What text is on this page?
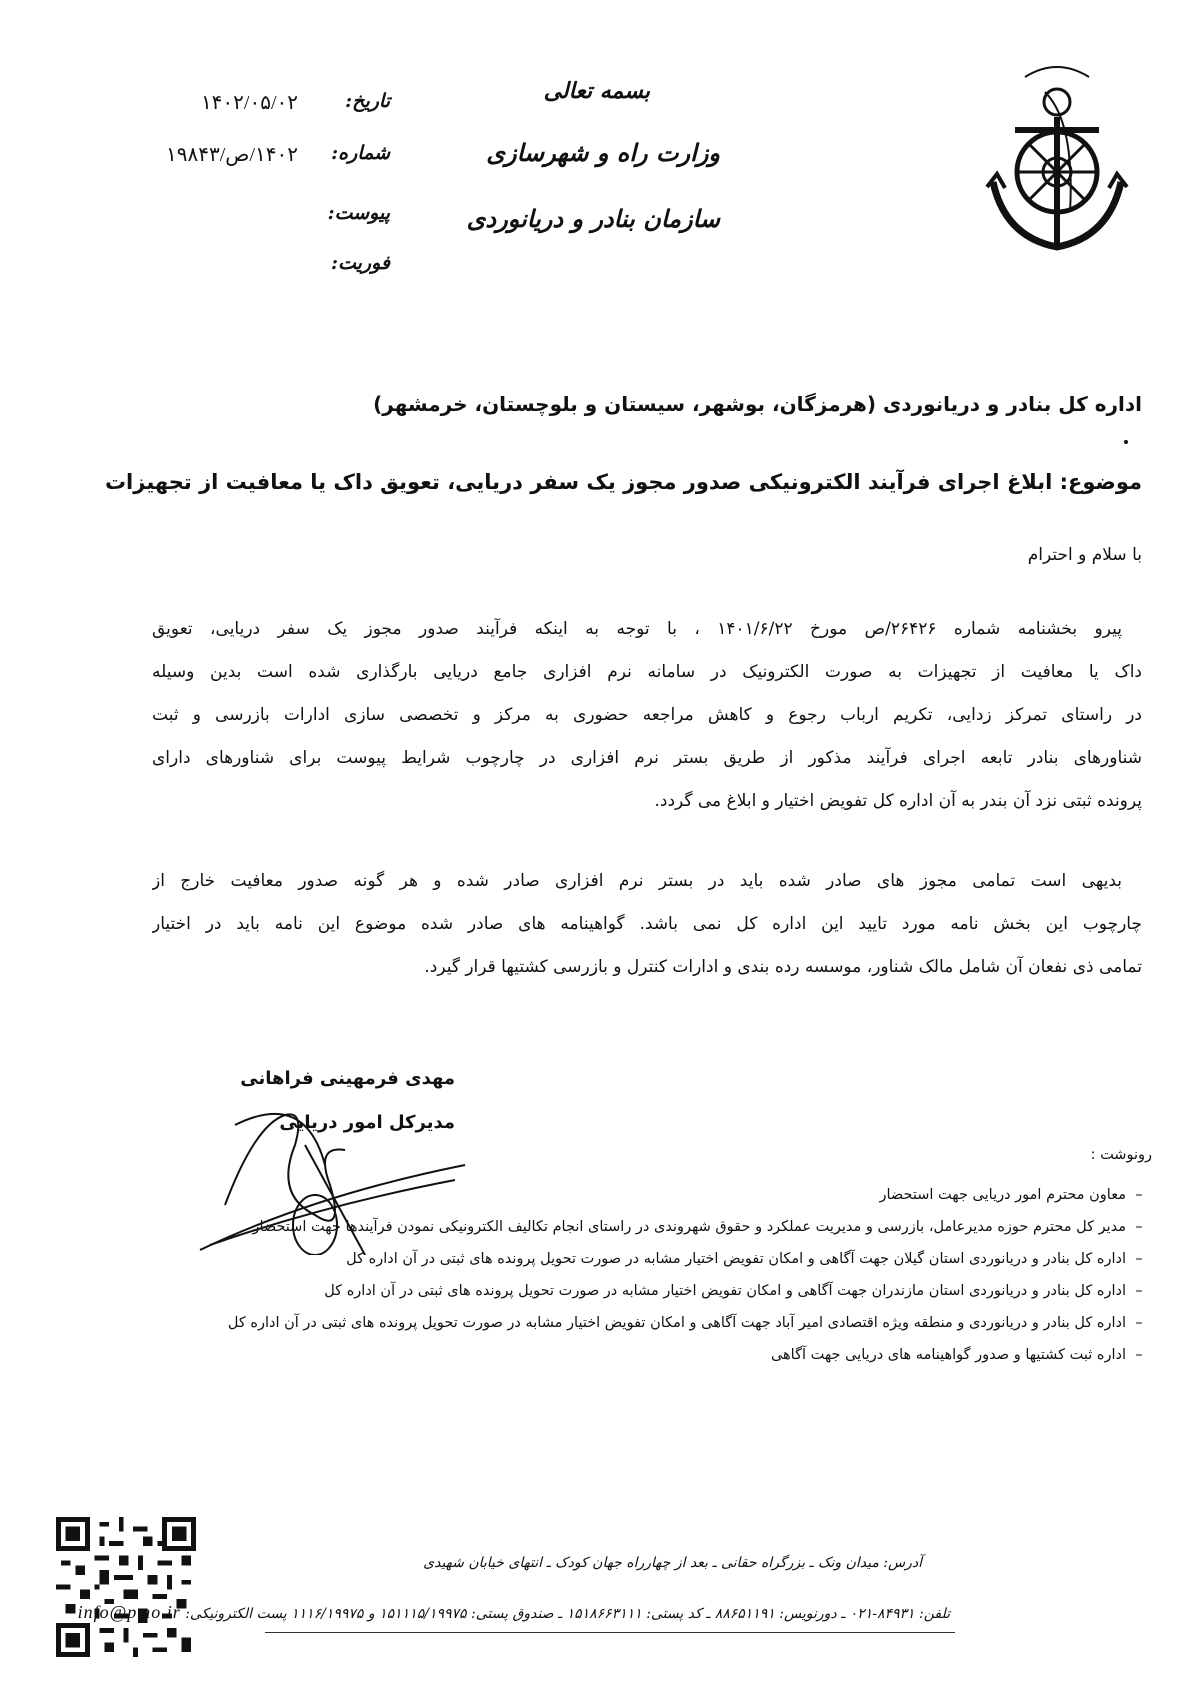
بسمه تعالی
وزارت راه و شهرسازی
سازمان بنادر و دریانوردی
تاریخ:
۱۴۰۲/۰۵/۰۲
شماره:
۱۴۰۲/ص/۱۹۸۴۳
پیوست:
فوریت:
اداره کل بنادر و دریانوردی (هرمزگان، بوشهر، سیستان و بلوچستان، خرمشهر)
موضوع: ابلاغ اجرای فرآیند الکترونیکی صدور مجوز یک سفر دریایی، تعویق داک یا معافیت از تجهیزات
با سلام و احترام
پیرو بخشنامه شماره ۲۶۴۲۶/ص مورخ ۱۴۰۱/۶/۲۲ ، با توجه به اینکه فرآیند صدور مجوز یک سفر دریایی، تعویق
داک یا معافیت از تجهیزات به صورت الکترونیک در سامانه نرم افزاری جامع دریایی بارگذاری شده است بدین وسیله
در راستای تمرکز زدایی، تکریم ارباب رجوع و کاهش مراجعه حضوری به مرکز و تخصصی سازی ادارات بازرسی و ثبت
شناورهای بنادر تابعه اجرای فرآیند مذکور از طریق بستر نرم افزاری در چارچوب شرایط پیوست برای شناورهای دارای
پرونده ثبتی نزد آن بندر به آن اداره کل تفویض اختیار و ابلاغ می گردد.
بدیهی است تمامی مجوز های صادر شده باید در بستر نرم افزاری صادر شده و هر گونه صدور معافیت خارج از
چارچوب این بخش نامه مورد تایید این اداره کل نمی باشد. گواهینامه های صادر شده موضوع این نامه باید در اختیار
تمامی ذی نفعان آن شامل مالک شناور، موسسه رده بندی و ادارات کنترل و بازرسی کشتیها قرار گیرد.
مهدی فرمهینی فراهانی
مدیرکل امور دریایی
رونوشت :
–معاون محترم امور دریایی جهت استحضار
–مدیر کل محترم حوزه مدیرعامل، بازرسی و مدیریت عملکرد و حقوق شهروندی در راستای انجام تکالیف الکترونیکی نمودن فرآیندها جهت استحضار
–اداره کل بنادر و دریانوردی استان گیلان جهت آگاهی و امکان تفویض اختیار مشابه در صورت تحویل پرونده های ثبتی در آن اداره کل
–اداره کل بنادر و دریانوردی استان مازندران جهت آگاهی و امکان تفویض اختیار مشابه در صورت تحویل پرونده های ثبتی در آن اداره کل
–اداره کل بنادر و دریانوردی و منطقه ویژه اقتصادی امیر آباد جهت آگاهی و امکان تفویض اختیار مشابه در صورت تحویل پرونده های ثبتی در آن اداره کل
–اداره ثبت کشتیها و صدور گواهینامه های دریایی جهت آگاهی
آدرس: میدان ونک ـ بزرگراه حقانی ـ بعد از چهارراه جهان کودک ـ انتهای خیابان شهیدی
تلفن: ۸۴۹۳۱-۰۲۱ ـ دورنویس: ۸۸۶۵۱۱۹۱ ـ کد پستی: ۱۵۱۸۶۶۳۱۱۱ ـ صندوق پستی: ۱۵۱۱۱۵/۱۹۹۷۵ و ۱۱۱۶/۱۹۹۷۵ پست الکترونیکی: info@pmo.ir
